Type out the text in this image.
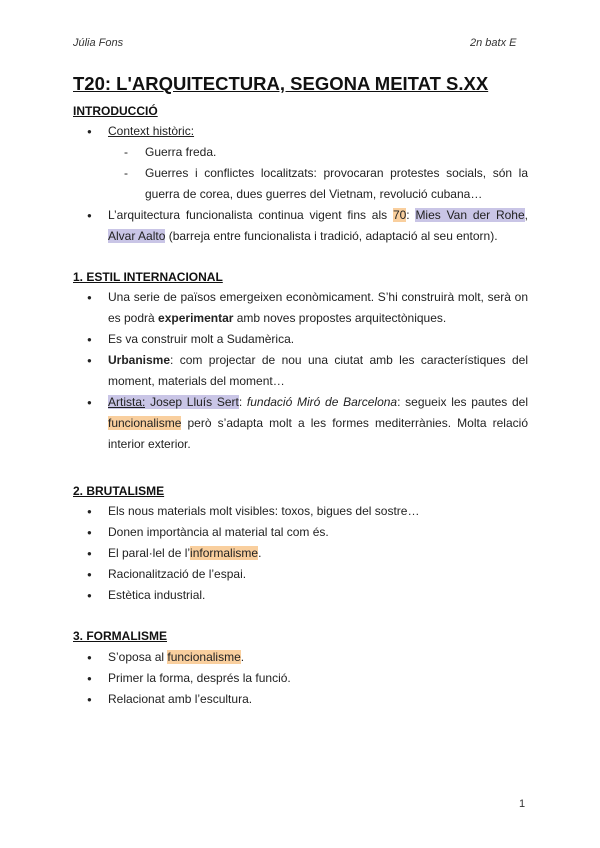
Júlia Fons	2n batx E
T20: L'ARQUITECTURA, SEGONA MEITAT S.XX
INTRODUCCIÓ
● Context històric:
- Guerra freda.
- Guerres i conflictes localitzats: provocaran protestes socials, són la guerra de corea, dues guerres del Vietnam, revolució cubana…
● L’arquitectura funcionalista continua vigent fins als 70: Mies Van der Rohe, Alvar Aalto (barreja entre funcionalista i tradició, adaptació al seu entorn).
1. ESTIL INTERNACIONAL
● Una serie de països emergeixen econòmicament. S’hi construirà molt, serà on es podrà experimentar amb noves propostes arquitectòniques.
● Es va construir molt a Sudamèrica.
● Urbanisme: com projectar de nou una ciutat amb les característiques del moment, materials del moment…
● Artista: Josep Lluís Sert: fundació Miró de Barcelona: segueix les pautes del funcionalisme però s’adapta molt a les formes mediterrànies. Molta relació interior exterior.
2. BRUTALISME
● Els nous materials molt visibles: toxos, bigues del sostre…
● Donen importància al material tal com és.
● El paral·lel de l’informalisme.
● Racionalització de l’espai.
● Estètica industrial.
3. FORMALISME
● S’oposa al funcionalisme.
● Primer la forma, després la funció.
● Relacionat amb l’escultura.
1
